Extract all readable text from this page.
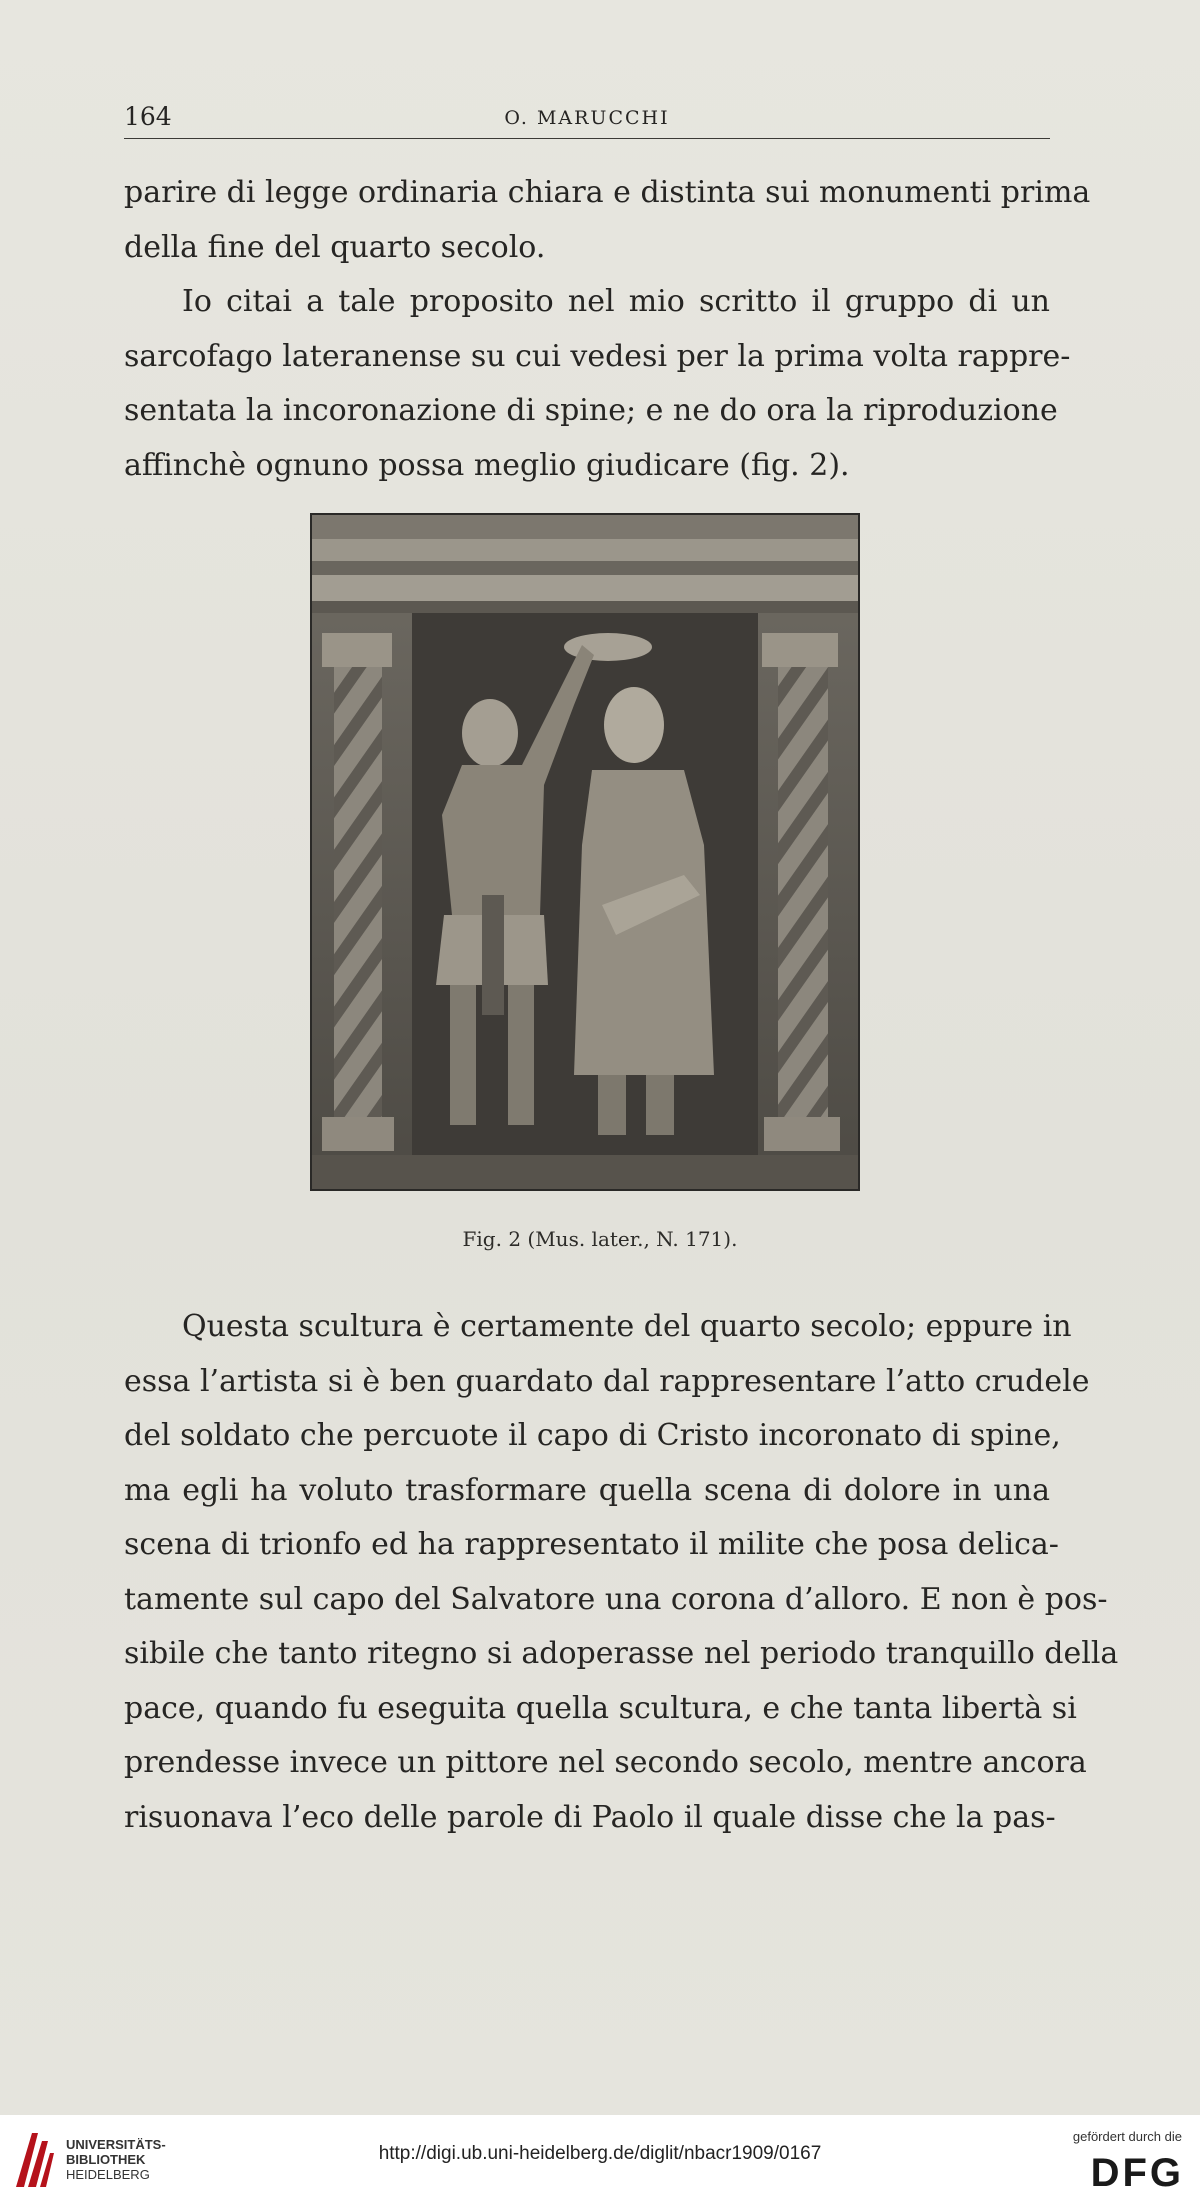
164	O. MARUCCHI

parire di legge ordinaria chiara e distinta sui monumenti prima
della fine del quarto secolo.

Io citai a tale proposito nel mio scritto il gruppo di un
sarcofago lateranense su cui vedesi per la prima volta rappre-
sentata la incoronazione di spine; e ne do ora la riproduzione
affinchè ognuno possa meglio giudicare (fig. 2).

Fig. 2 (Mus. later., N. 171).

Questa scultura è certamente del quarto secolo; eppure in
essa l’artista si è ben guardato dal rappresentare l’atto crudele
del soldato che percuote il capo di Cristo incoronato di spine,
ma egli ha voluto trasformare quella scena di dolore in una
scena di trionfo ed ha rappresentato il milite che posa delica-
tamente sul capo del Salvatore una corona d’alloro. E non è pos-
sibile che tanto ritegno si adoperasse nel periodo tranquillo della
pace, quando fu eseguita quella scultura, e che tanta libertà si
prendesse invece un pittore nel secondo secolo, mentre ancora
risuonava l’eco delle parole di Paolo il quale disse che la pas-

UNIVERSITÄTS-
BIBLIOTHEK
HEIDELBERG
http://digi.ub.uni-heidelberg.de/diglit/nbacr1909/0167
gefördert durch die
DFG
